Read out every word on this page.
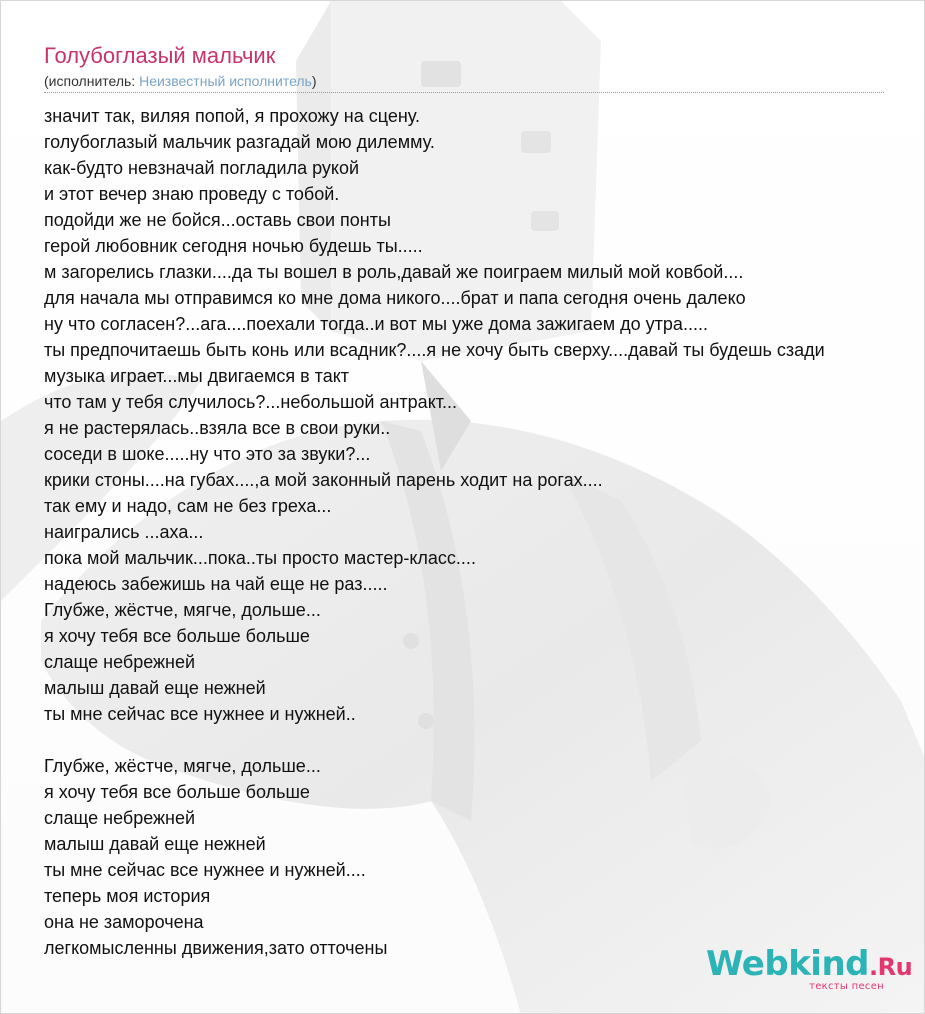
Голубоглазый мальчик
(исполнитель: Неизвестный исполнитель)
значит так, виляя попой, я прохожу на сцену.
голубоглазый мальчик разгадай мою дилемму.
как-будто невзначай погладила рукой
и этот вечер знаю проведу с тобой.
подойди же не бойся...оставь свои понты
герой любовник сегодня ночью будешь ты.....
м загорелись глазки....да ты вошел в роль,давай же поиграем милый мой ковбой....
для начала мы отправимся ко мне дома никого....брат и папа сегодня очень далеко
ну что согласен?...ага....поехали тогда..и вот мы уже дома зажигаем до утра.....
ты предпочитаешь быть конь или всадник?....я не хочу быть сверху....давай ты будешь сзади
музыка играет...мы двигаемся в такт
что там у тебя случилось?...небольшой антракт...
я не растерялась..взяла все в свои руки..
соседи в шоке.....ну что это за звуки?...
крики стоны....на губах....,а мой законный парень ходит на рогах....
так ему и надо, сам не без греха...
наигрались ...аха...
пока мой мальчик...пока..ты просто мастер-класс....
надеюсь забежишь на чай еще не раз.....
Глубже, жёстче, мягче, дольше...
я хочу тебя все больше больше
слаще небрежней
малыш давай еще нежней
ты мне сейчас все нужнее и нужней..
Глубже, жёстче, мягче, дольше...
я хочу тебя все больше больше
слаще небрежней
малыш давай еще нежней
ты мне сейчас все нужнее и нужней....
теперь моя история
она не заморочена
легкомысленны движения,зато отточены	Webkind.Ru
тексты песен
